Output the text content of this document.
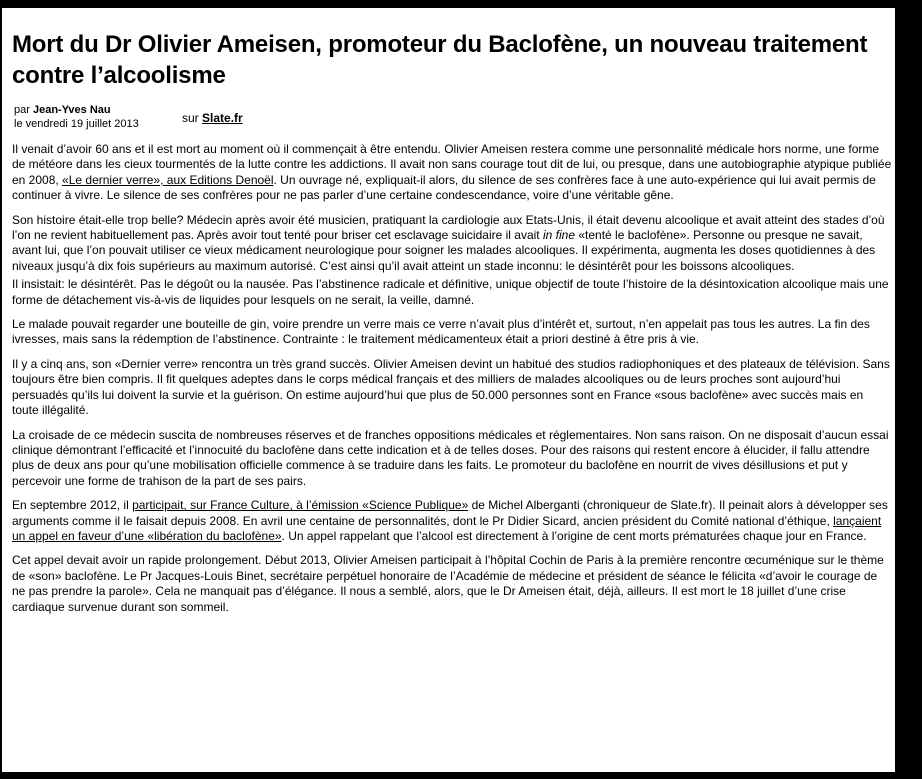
Mort du Dr Olivier Ameisen, promoteur du Baclofène, un nouveau traitement contre l’alcoolisme
par Jean-Yves Nau
le vendredi 19 juillet 2013	sur Slate.fr

Il venait d’avoir 60 ans et il est mort au moment où il commençait à être entendu. Olivier Ameisen restera comme une personnalité médicale hors norme, une forme de météore dans les cieux tourmentés de la lutte contre les addictions. Il avait non sans courage tout dit de lui, ou presque, dans une autobiographie atypique publiée en 2008, «Le dernier verre», aux Editions Denoël. Un ouvrage né, expliquait-il alors, du silence de ses confrères face à une auto-expérience qui lui avait permis de continuer à vivre. Le silence de ses confrères pour ne pas parler d’une certaine condescendance, voire d’une véritable gêne.

Son histoire était-elle trop belle? Médecin après avoir été musicien, pratiquant la cardiologie aux Etats-Unis, il était devenu alcoolique et avait atteint des stades d’où l’on ne revient habituellement pas. Après avoir tout tenté pour briser cet esclavage suicidaire il avait in fine «tenté le baclofène». Personne ou presque ne savait, avant lui, que l’on pouvait utiliser ce vieux médicament neurologique pour soigner les malades alcooliques. Il expérimenta, augmenta les doses quotidiennes à des niveaux jusqu’à dix fois supérieurs au maximum autorisé. C’est ainsi qu’il avait atteint un stade inconnu: le désintérêt pour les boissons alcooliques.

Il insistait: le désintérêt. Pas le dégoût ou la nausée. Pas l’abstinence radicale et définitive, unique objectif de toute l’histoire de la désintoxication alcoolique mais une forme de détachement vis-à-vis de liquides pour lesquels on ne serait, la veille, damné.

Le malade pouvait regarder une bouteille de gin, voire prendre un verre mais ce verre n’avait plus d’intérêt et, surtout, n’en appelait pas tous les autres. La fin des ivresses, mais sans la rédemption de l’abstinence. Contrainte : le traitement médicamenteux était a priori destiné à être pris à vie.

Il y a cinq ans, son «Dernier verre» rencontra un très grand succès. Olivier Ameisen devint un habitué des studios radiophoniques et des plateaux de télévision. Sans toujours être bien compris. Il fit quelques adeptes dans le corps médical français et des milliers de malades alcooliques ou de leurs proches sont aujourd’hui persuadés qu’ils lui doivent la survie et la guérison. On estime aujourd’hui que plus de 50.000 personnes sont en France «sous baclofène» avec succès mais en toute illégalité.

La croisade de ce médecin suscita de nombreuses réserves et de franches oppositions médicales et réglementaires. Non sans raison. On ne disposait d’aucun essai clinique démontrant l’efficacité et l’innocuité du baclofène dans cette indication et à de telles doses. Pour des raisons qui restent encore à élucider, il fallu attendre plus de deux ans pour qu’une mobilisation officielle commence à se traduire dans les faits. Le promoteur du baclofène en nourrit de vives désillusions et put y percevoir une forme de trahison de la part de ses pairs.

En septembre 2012, il participait, sur France Culture, à l’émission «Science Publique» de Michel Alberganti (chroniqueur de Slate.fr). Il peinait alors à développer ses arguments comme il le faisait depuis 2008. En avril une centaine de personnalités, dont le Pr Didier Sicard, ancien président du Comité national d’éthique, lançaient un appel en faveur d’une «libération du baclofène». Un appel rappelant que l’alcool est directement à l’origine de cent morts prématurées chaque jour en France.

Cet appel devait avoir un rapide prolongement. Début 2013, Olivier Ameisen participait à l’hôpital Cochin de Paris à la première rencontre œcuménique sur le thème de «son» baclofène. Le Pr Jacques-Louis Binet, secrétaire perpétuel honoraire de l’Académie de médecine et président de séance le félicita «d’avoir le courage de ne pas prendre la parole». Cela ne manquait pas d’élégance. Il nous a semblé, alors, que le Dr Ameisen était, déjà, ailleurs. Il est mort le 18 juillet d’une crise cardiaque survenue durant son sommeil.

|
